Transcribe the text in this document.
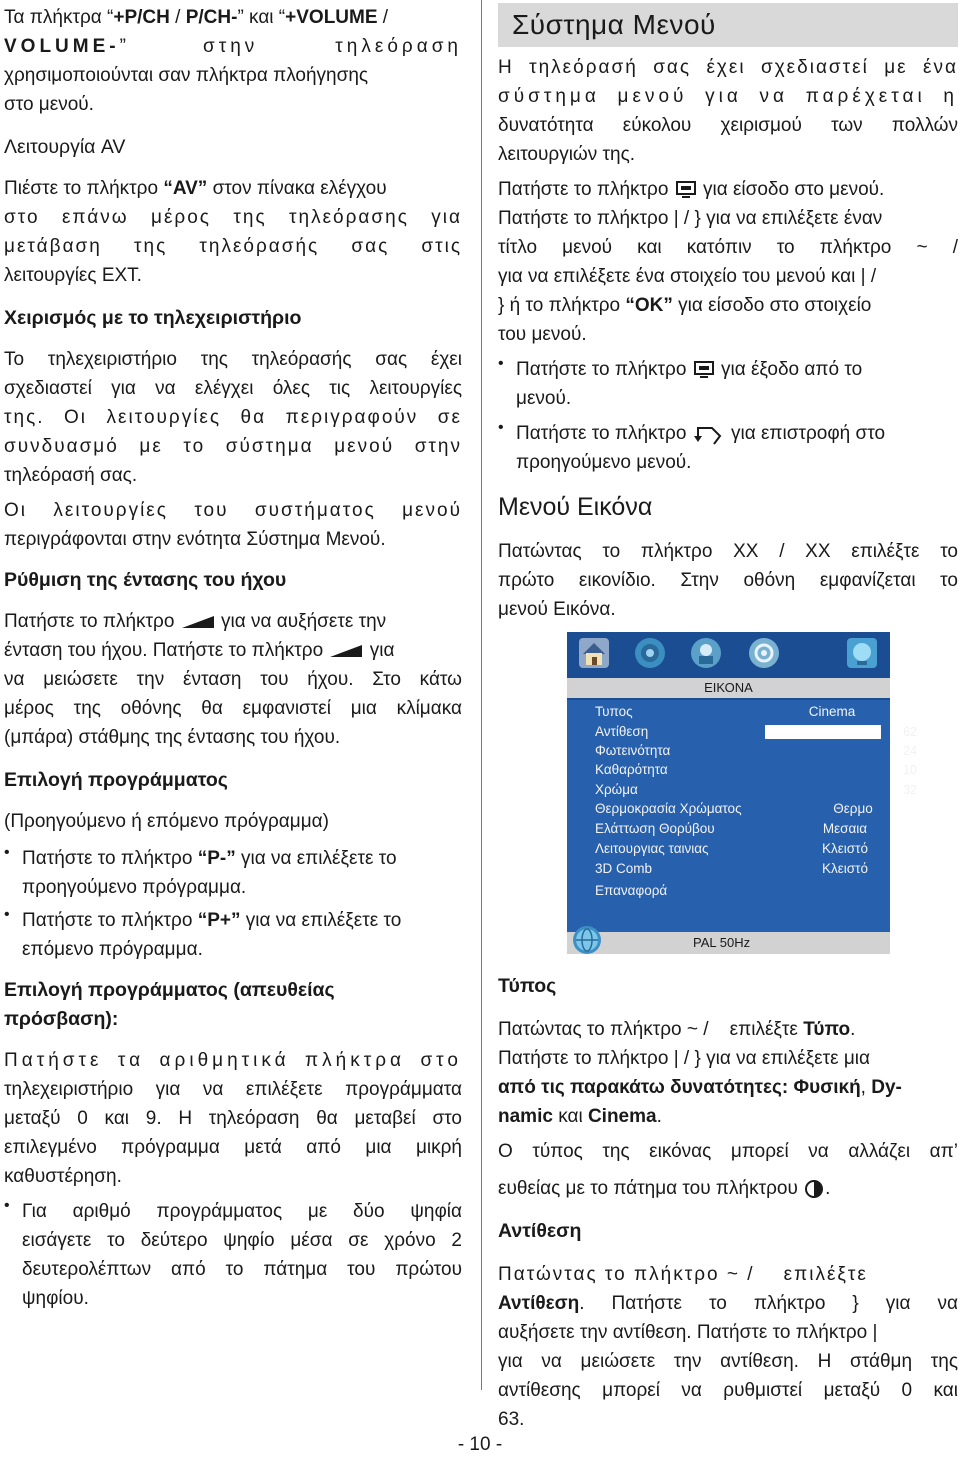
Τα πλήκτρα “+P/CH / P/CH-” και “+VOLUME /

VOLUME-” στην τηλεόραση

χρησιμοποιούνται σαν πλήκτρα πλοήγησης

στο μενού.

Λειτουργία AV

Πιέστε το πλήκτρο “AV” στον πίνακα ελέγχου

στο επάνω μέρος της τηλεόρασης για

μετάβαση της τηλεόρασής σας στις

λειτουργίες EXT.

Χειρισμός με το τηλεχειριστήριο

Το τηλεχειριστήριο της τηλεόρασής σας έχει

σχεδιαστεί για να ελέγχει όλες τις λειτουργίες

της. Οι λειτουργίες θα περιγραφούν σε

συνδυασμό με το σύστημα μενού στην

τηλεόρασή σας.

Οι λειτουργίες του συστήματος μενού

περιγράφονται στην ενότητα Σύστημα Μενού.

Ρύθμιση της έντασης του ήχου

Πατήστε το πλήκτρο  για να αυξήσετε την

ένταση του ήχου. Πατήστε το πλήκτρο  για

να μειώσετε την ένταση του ήχου. Στο κάτω

μέρος της οθόνης θα εμφανιστεί μια κλίμακα

(μπάρα) στάθμης της έντασης του ήχου.

Επιλογή προγράμματος

(Προηγούμενο ή επόμενο πρόγραμμα)

• Πατήστε το πλήκτρο “P-” για να επιλέξετε το

προηγούμενο πρόγραμμα.

• Πατήστε το πλήκτρο “P+” για να επιλέξετε το

επόμενο πρόγραμμα.

Επιλογή προγράμματος (απευθείας
πρόσβαση):

Πατήστε τα αριθμητικά πλήκτρα στο

τηλεχειριστήριο για να επιλέξετε προγράμματα

μεταξύ 0 και 9. Η τηλεόραση θα μεταβεί στο

επιλεγμένο πρόγραμμα μετά από μια μικρή

καθυστέρηση.

• Για αριθμό προγράμματος με δύο ψηφία

εισάγετε το δεύτερο ψηφίο μέσα σε χρόνο 2

δευτερολέπτων από το πάτημα του πρώτου

ψηφίου.

Σύστημα Μενού

Η τηλεόρασή σας έχει σχεδιαστεί με ένα

σύστημα μενού για να παρέχεται η

δυνατότητα εύκολου χειρισμού των πολλών

λειτουργιών της.

Πατήστε το πλήκτρο  για είσοδο στο μενού.

Πατήστε το πλήκτρο | / } για να επιλέξετε έναν

τίτλο μενού και κατόπιν το πλήκτρο ~ /

για να επιλέξετε ένα στοιχείο του μενού και | /

} ή το πλήκτρο “OK” για είσοδο στο στοιχείο

του μενού.

• Πατήστε το πλήκτρο  για έξοδο από το

μενού.

• Πατήστε το πλήκτρο  για επιστροφή στο

προηγούμενο μενού.

Μενού Εικόνα

Πατώντας το πλήκτρο XX / XX επιλέξτε το

πρώτο εικονίδιο. Στην οθόνη εμφανίζεται το

μενού Εικόνα.

ΕΙΚΟΝΑ
Τυπος	Cinema
Αντίθεση	62
Φωτεινότητα	24
Καθαρότητα	10
Χρώμα	32
Θερμοκρασία Χρώματος	Θερμο
Ελάττωση Θορύβου	Μεσαια
Λειτουργιας ταινιας	Κλειστό
3D Comb	Κλειστό
Επαναφορά
PAL 50Hz
Τύπος

Πατώντας το πλήκτρο ~ /    επιλέξτε Τύπο.

Πατήστε το πλήκτρο | / } για να επιλέξετε μια

από τις παρακάτω δυνατότητες: Φυσική, Dy-

namic και Cinema.

Ο τύπος της εικόνας μπορεί να αλλάζει απ’

ευθείας με το πάτημα του πλήκτρου .

Αντίθεση

Πατώντας το πλήκτρο ~ /    επιλέξτε

Αντίθεση. Πατήστε το πλήκτρο } για να

αυξήσετε την αντίθεση. Πατήστε το πλήκτρο |

για να μειώσετε την αντίθεση. Η στάθμη της

αντίθεσης μπορεί να ρυθμιστεί μεταξύ 0 και

63.

- 10 -
